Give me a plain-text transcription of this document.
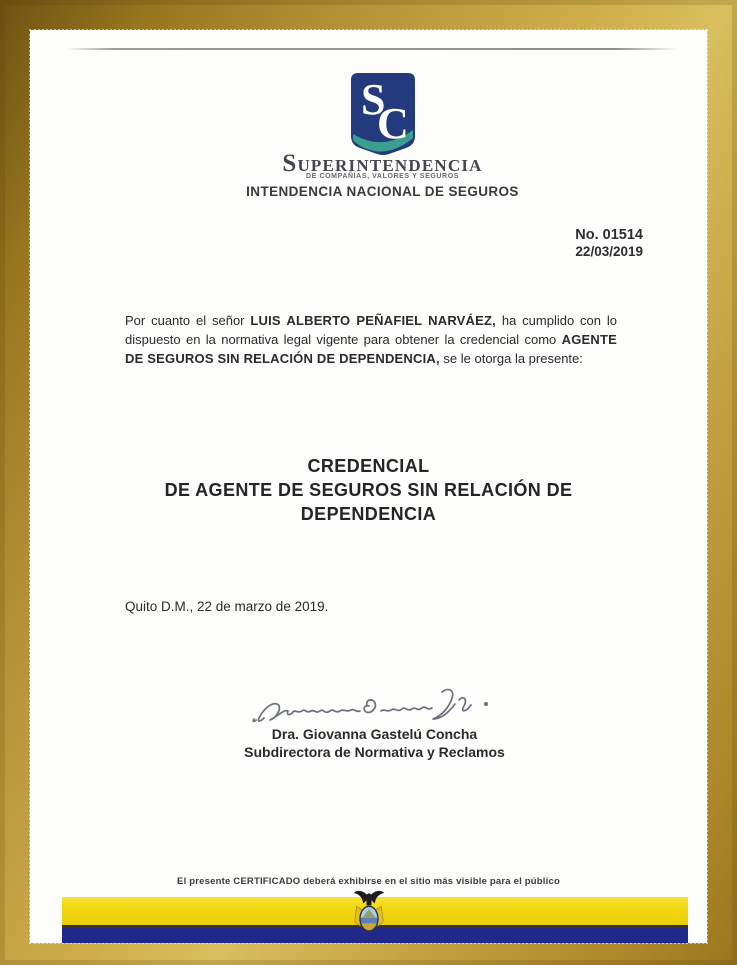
S
C
SUPERINTENDENCIA
DE COMPAÑÍAS, VALORES Y SEGUROS
INTENDENCIA NACIONAL DE SEGUROS
No. 01514
22/03/2019

Por cuanto el señor LUIS ALBERTO PEÑAFIEL NARVÁEZ, ha cumplido con lo dispuesto en la normativa legal vigente para obtener la credencial como AGENTE DE SEGUROS SIN RELACIÓN DE DEPENDENCIA, se le otorga la presente:

CREDENCIAL
DE AGENTE DE SEGUROS SIN RELACIÓN DE
DEPENDENCIA
Quito D.M., 22 de marzo de 2019.
Dra. Giovanna Gastelú Concha
Subdirectora de Normativa y Reclamos
El presente CERTIFICADO deberá exhibirse en el sitio más visible para el público
